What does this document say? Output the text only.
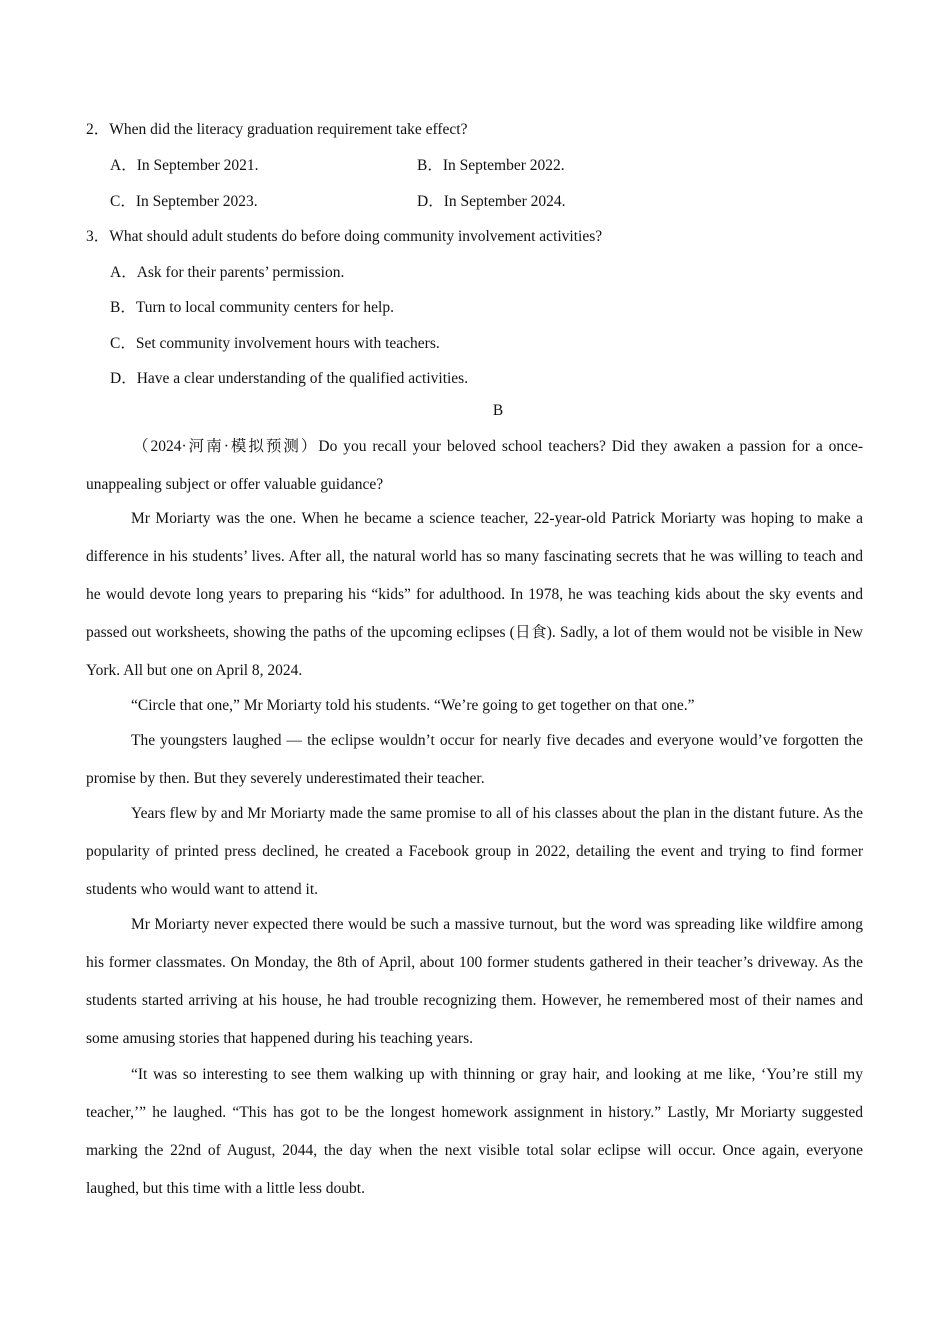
2．When did the literacy graduation requirement take effect?
A．In September 2021.	B．In September 2022.
C．In September 2023.	D．In September 2024.
3．What should adult students do before doing community involvement activities?
A．Ask for their parents’ permission.
B．Turn to local community centers for help.
C．Set community involvement hours with teachers.
D．Have a clear understanding of the qualified activities.
B
（2024·河南·模拟预测）Do you recall your beloved school teachers? Did they awaken a passion for a once-unappealing subject or offer valuable guidance?
Mr Moriarty was the one. When he became a science teacher, 22-year-old Patrick Moriarty was hoping to make a difference in his students’ lives. After all, the natural world has so many fascinating secrets that he was willing to teach and he would devote long years to preparing his “kids” for adulthood. In 1978, he was teaching kids about the sky events and passed out worksheets, showing the paths of the upcoming eclipses (日食). Sadly, a lot of them would not be visible in New York. All but one on April 8, 2024.
“Circle that one,” Mr Moriarty told his students. “We’re going to get together on that one.”
The youngsters laughed — the eclipse wouldn’t occur for nearly five decades and everyone would’ve forgotten the promise by then. But they severely underestimated their teacher.
Years flew by and Mr Moriarty made the same promise to all of his classes about the plan in the distant future. As the popularity of printed press declined, he created a Facebook group in 2022, detailing the event and trying to find former students who would want to attend it.
Mr Moriarty never expected there would be such a massive turnout, but the word was spreading like wildfire among his former classmates. On Monday, the 8th of April, about 100 former students gathered in their teacher’s driveway. As the students started arriving at his house, he had trouble recognizing them. However, he remembered most of their names and some amusing stories that happened during his teaching years.
“It was so interesting to see them walking up with thinning or gray hair, and looking at me like, ‘You’re still my teacher,’” he laughed. “This has got to be the longest homework assignment in history.” Lastly, Mr Moriarty suggested marking the 22nd of August, 2044, the day when the next visible total solar eclipse will occur. Once again, everyone laughed, but this time with a little less doubt.
